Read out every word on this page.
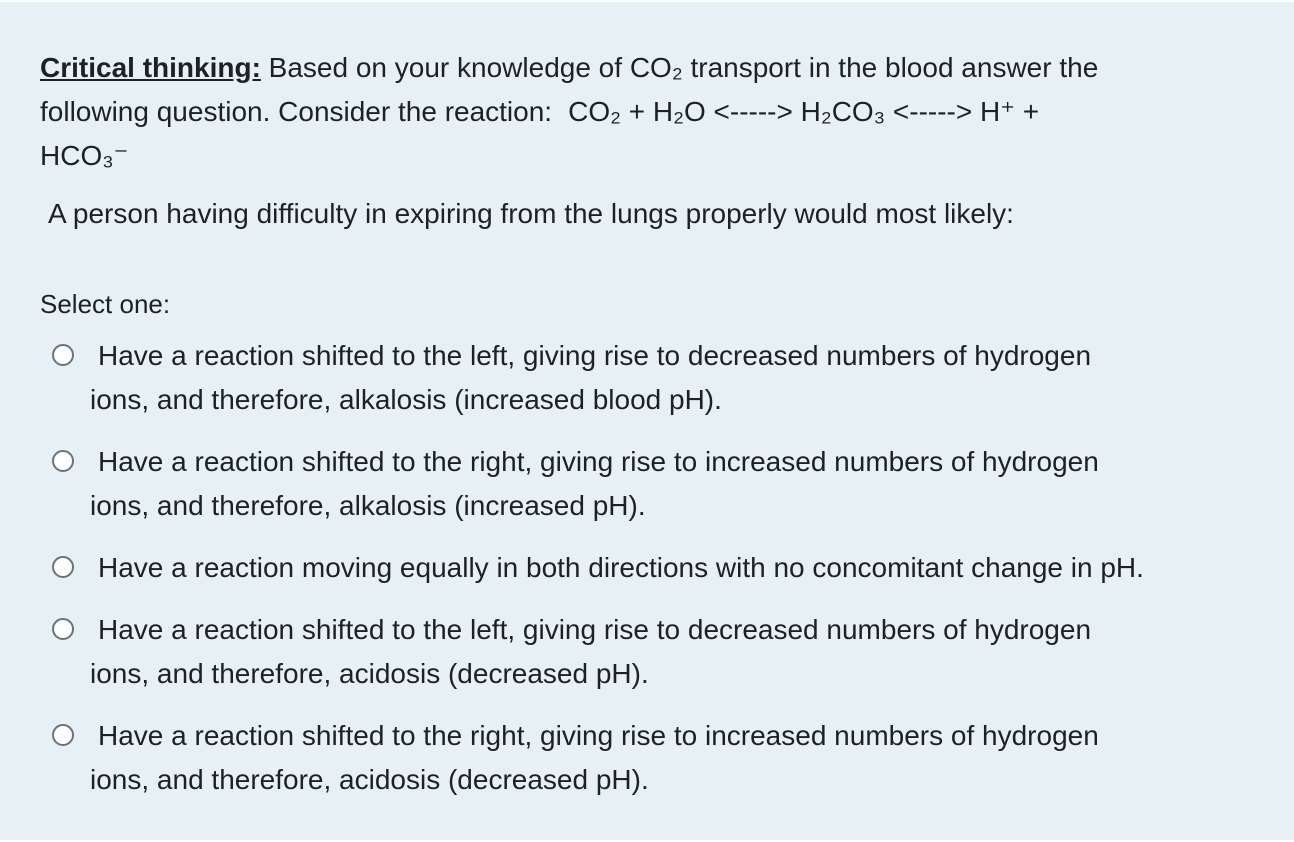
Critical thinking: Based on your knowledge of CO₂ transport in the blood answer the
following question. Consider the reaction: CO₂ + H₂O <-----> H₂CO₃ <-----> H⁺ +
HCO₃⁻
A person having difficulty in expiring from the lungs properly would most likely:
Select one:
Have a reaction shifted to the left, giving rise to decreased numbers of hydrogen
ions, and therefore, alkalosis (increased blood pH).
Have a reaction shifted to the right, giving rise to increased numbers of hydrogen
ions, and therefore, alkalosis (increased pH).
Have a reaction moving equally in both directions with no concomitant change in pH.
Have a reaction shifted to the left, giving rise to decreased numbers of hydrogen
ions, and therefore, acidosis (decreased pH).
Have a reaction shifted to the right, giving rise to increased numbers of hydrogen
ions, and therefore, acidosis (decreased pH).
